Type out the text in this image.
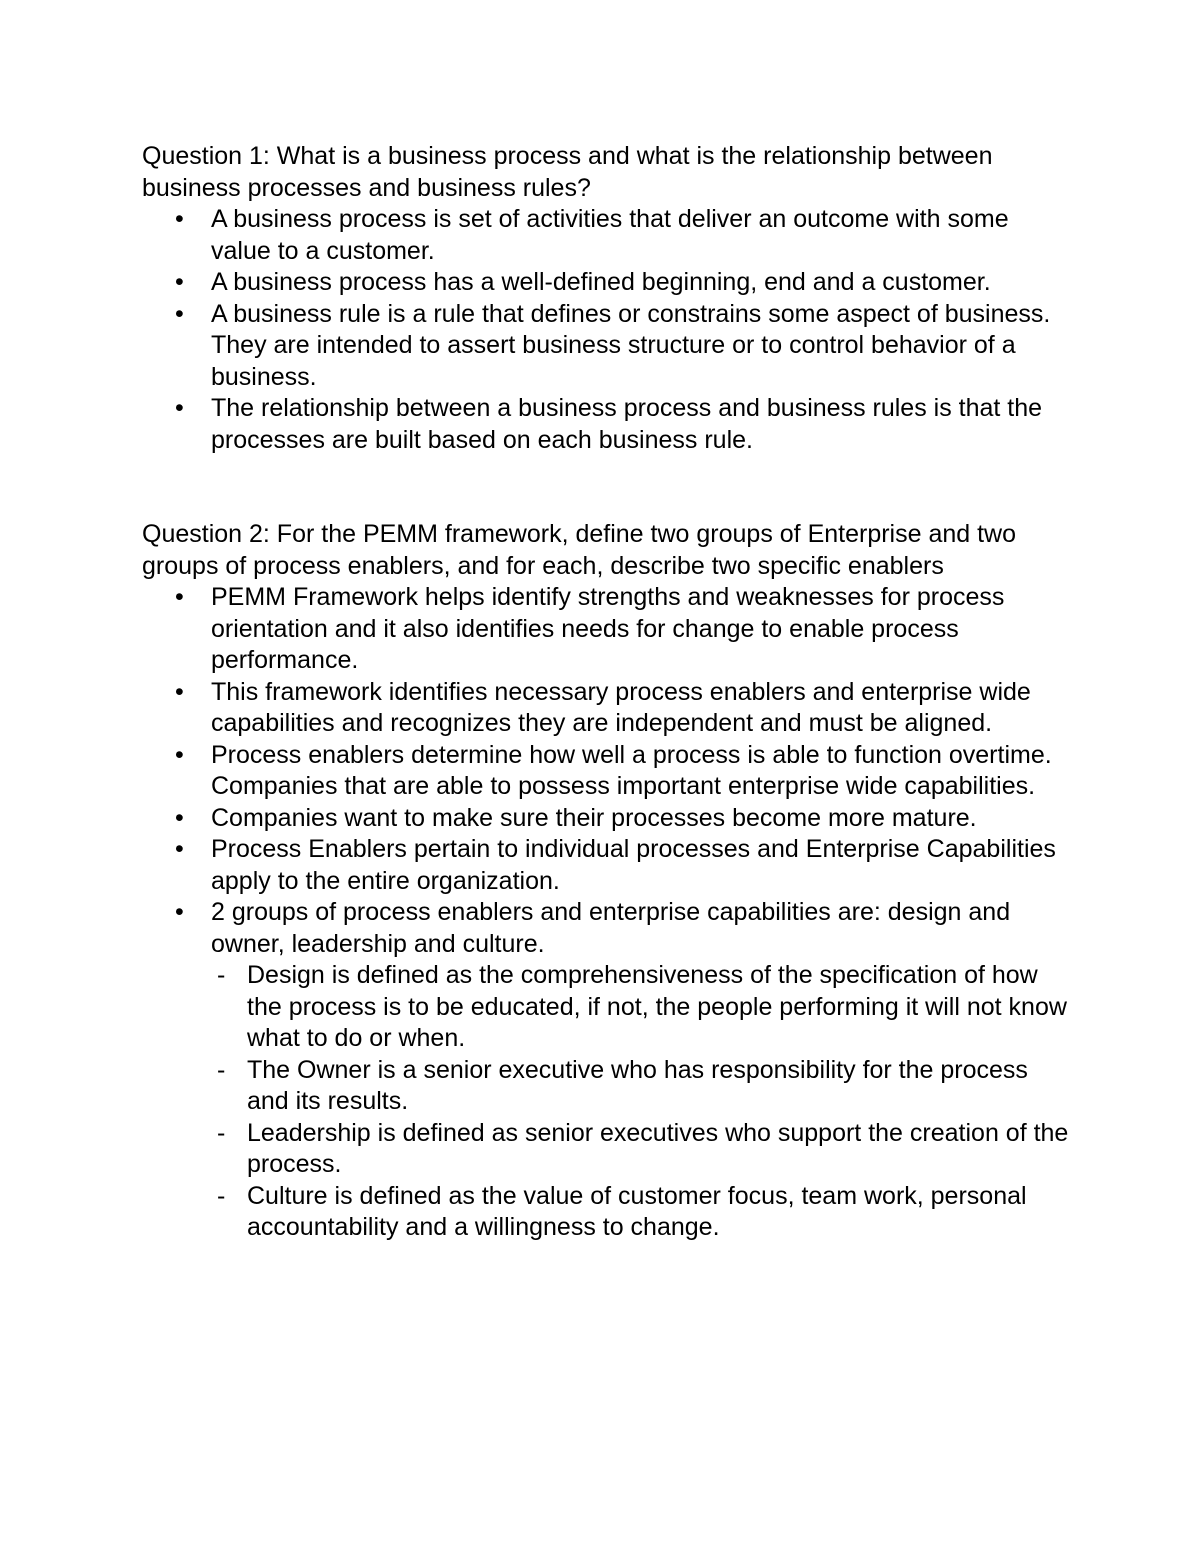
Question 1: What is a business process and what is the relationship between business processes and business rules?

• A business process is set of activities that deliver an outcome with some value to a customer.
• A business process has a well-defined beginning, end and a customer.
• A business rule is a rule that defines or constrains some aspect of business. They are intended to assert business structure or to control behavior of a business.
• The relationship between a business process and business rules is that the processes are built based on each business rule.

Question 2: For the PEMM framework, define two groups of Enterprise and two groups of process enablers, and for each, describe two specific enablers

• PEMM Framework helps identify strengths and weaknesses for process orientation and it also identifies needs for change to enable process performance.
• This framework identifies necessary process enablers and enterprise wide capabilities and recognizes they are independent and must be aligned.
• Process enablers determine how well a process is able to function overtime. Companies that are able to possess important enterprise wide capabilities.
• Companies want to make sure their processes become more mature.
• Process Enablers pertain to individual processes and Enterprise Capabilities apply to the entire organization.
• 2 groups of process enablers and enterprise capabilities are: design and owner, leadership and culture.
- Design is defined as the comprehensiveness of the specification of how the process is to be educated, if not, the people performing it will not know what to do or when.
- The Owner is a senior executive who has responsibility for the process and its results.
- Leadership is defined as senior executives who support the creation of the process.
- Culture is defined as the value of customer focus, team work, personal accountability and a willingness to change.
